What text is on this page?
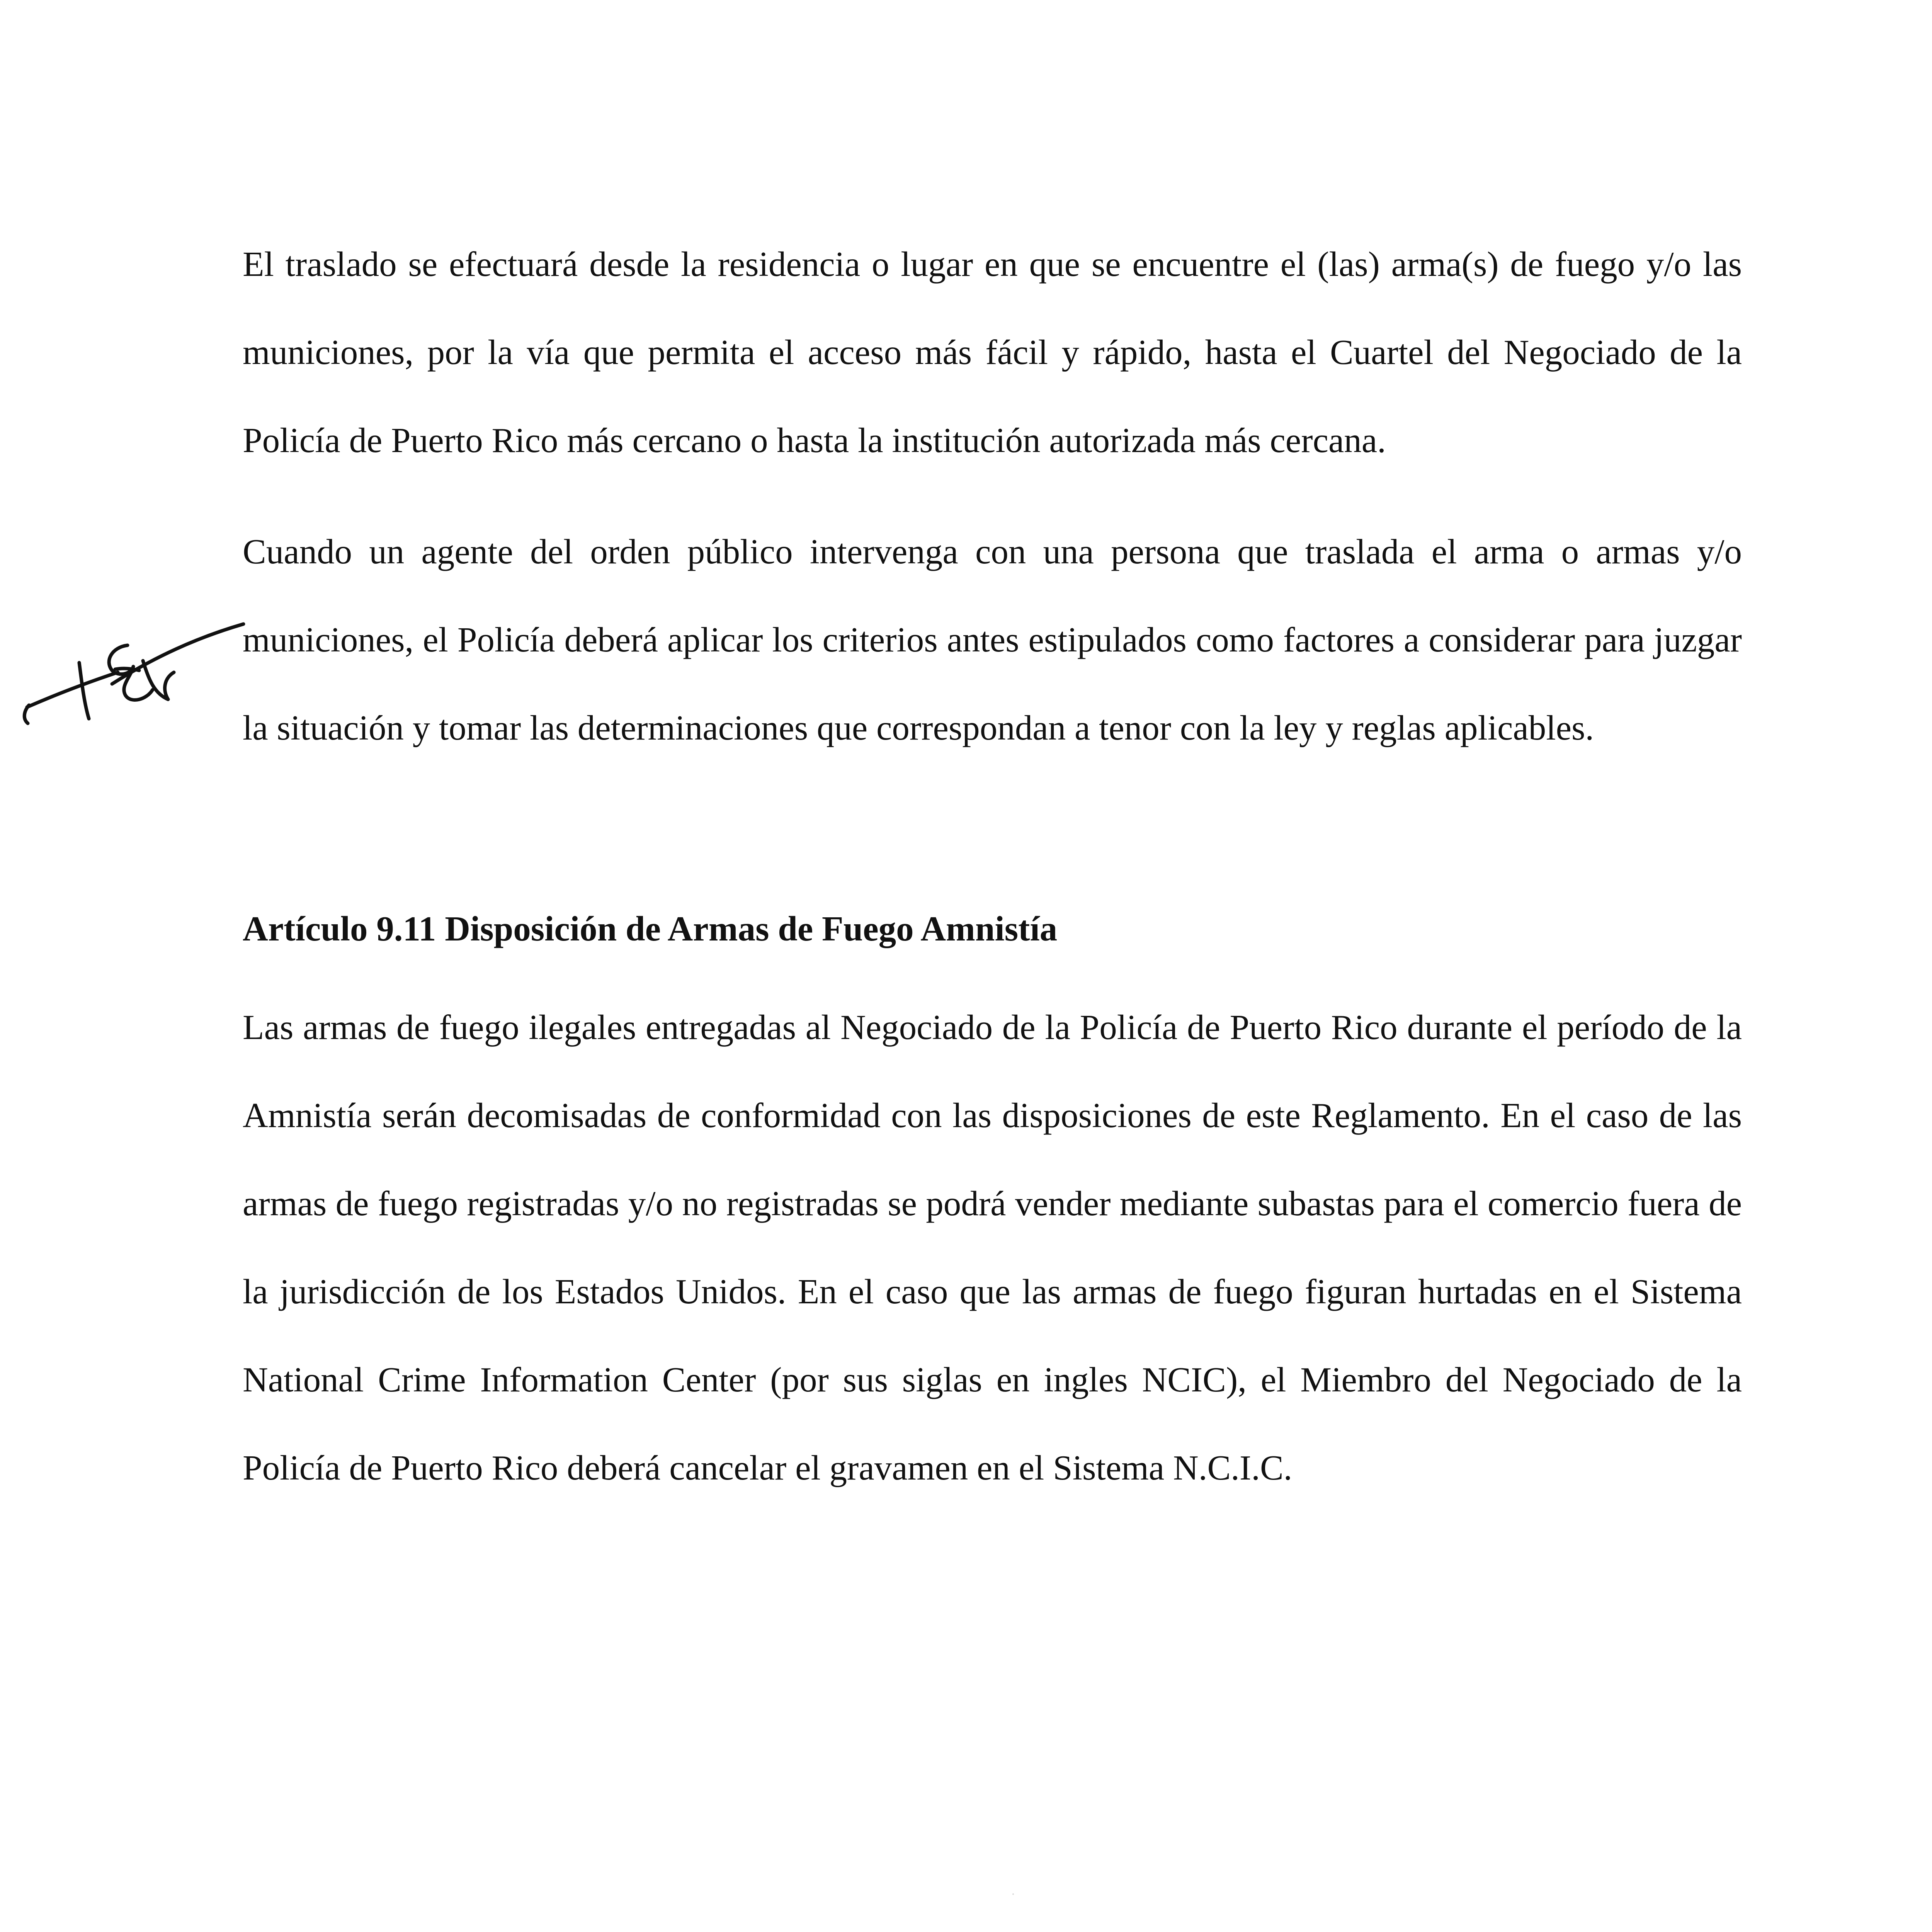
El traslado se efectuará desde la residencia o lugar en que se encuentre el (las) arma(s) de fuego y/o las municiones, por la vía que permita el acceso más fácil y rápido, hasta el Cuartel del Negociado de la Policía de Puerto Rico más cercano o hasta la institución autorizada más cercana.

Cuando un agente del orden público intervenga con una persona que traslada el arma o armas y/o municiones, el Policía deberá aplicar los criterios antes estipulados como factores a considerar para juzgar la situación y tomar las determinaciones que correspondan a tenor con la ley y reglas aplicables.

Artículo 9.11 Disposición de Armas de Fuego Amnistía

Las armas de fuego ilegales entregadas al Negociado de la Policía de Puerto Rico durante el período de la Amnistía serán decomisadas de conformidad con las disposiciones de este Reglamento. En el caso de las armas de fuego registradas y/o no registradas se podrá vender mediante subastas para el comercio fuera de la jurisdicción de los Estados Unidos. En el caso que las armas de fuego figuran hurtadas en el Sistema National Crime Information Center (por sus siglas en ingles NCIC), el Miembro del Negociado de la Policía de Puerto Rico deberá cancelar el gravamen en el Sistema N.C.I.C.
